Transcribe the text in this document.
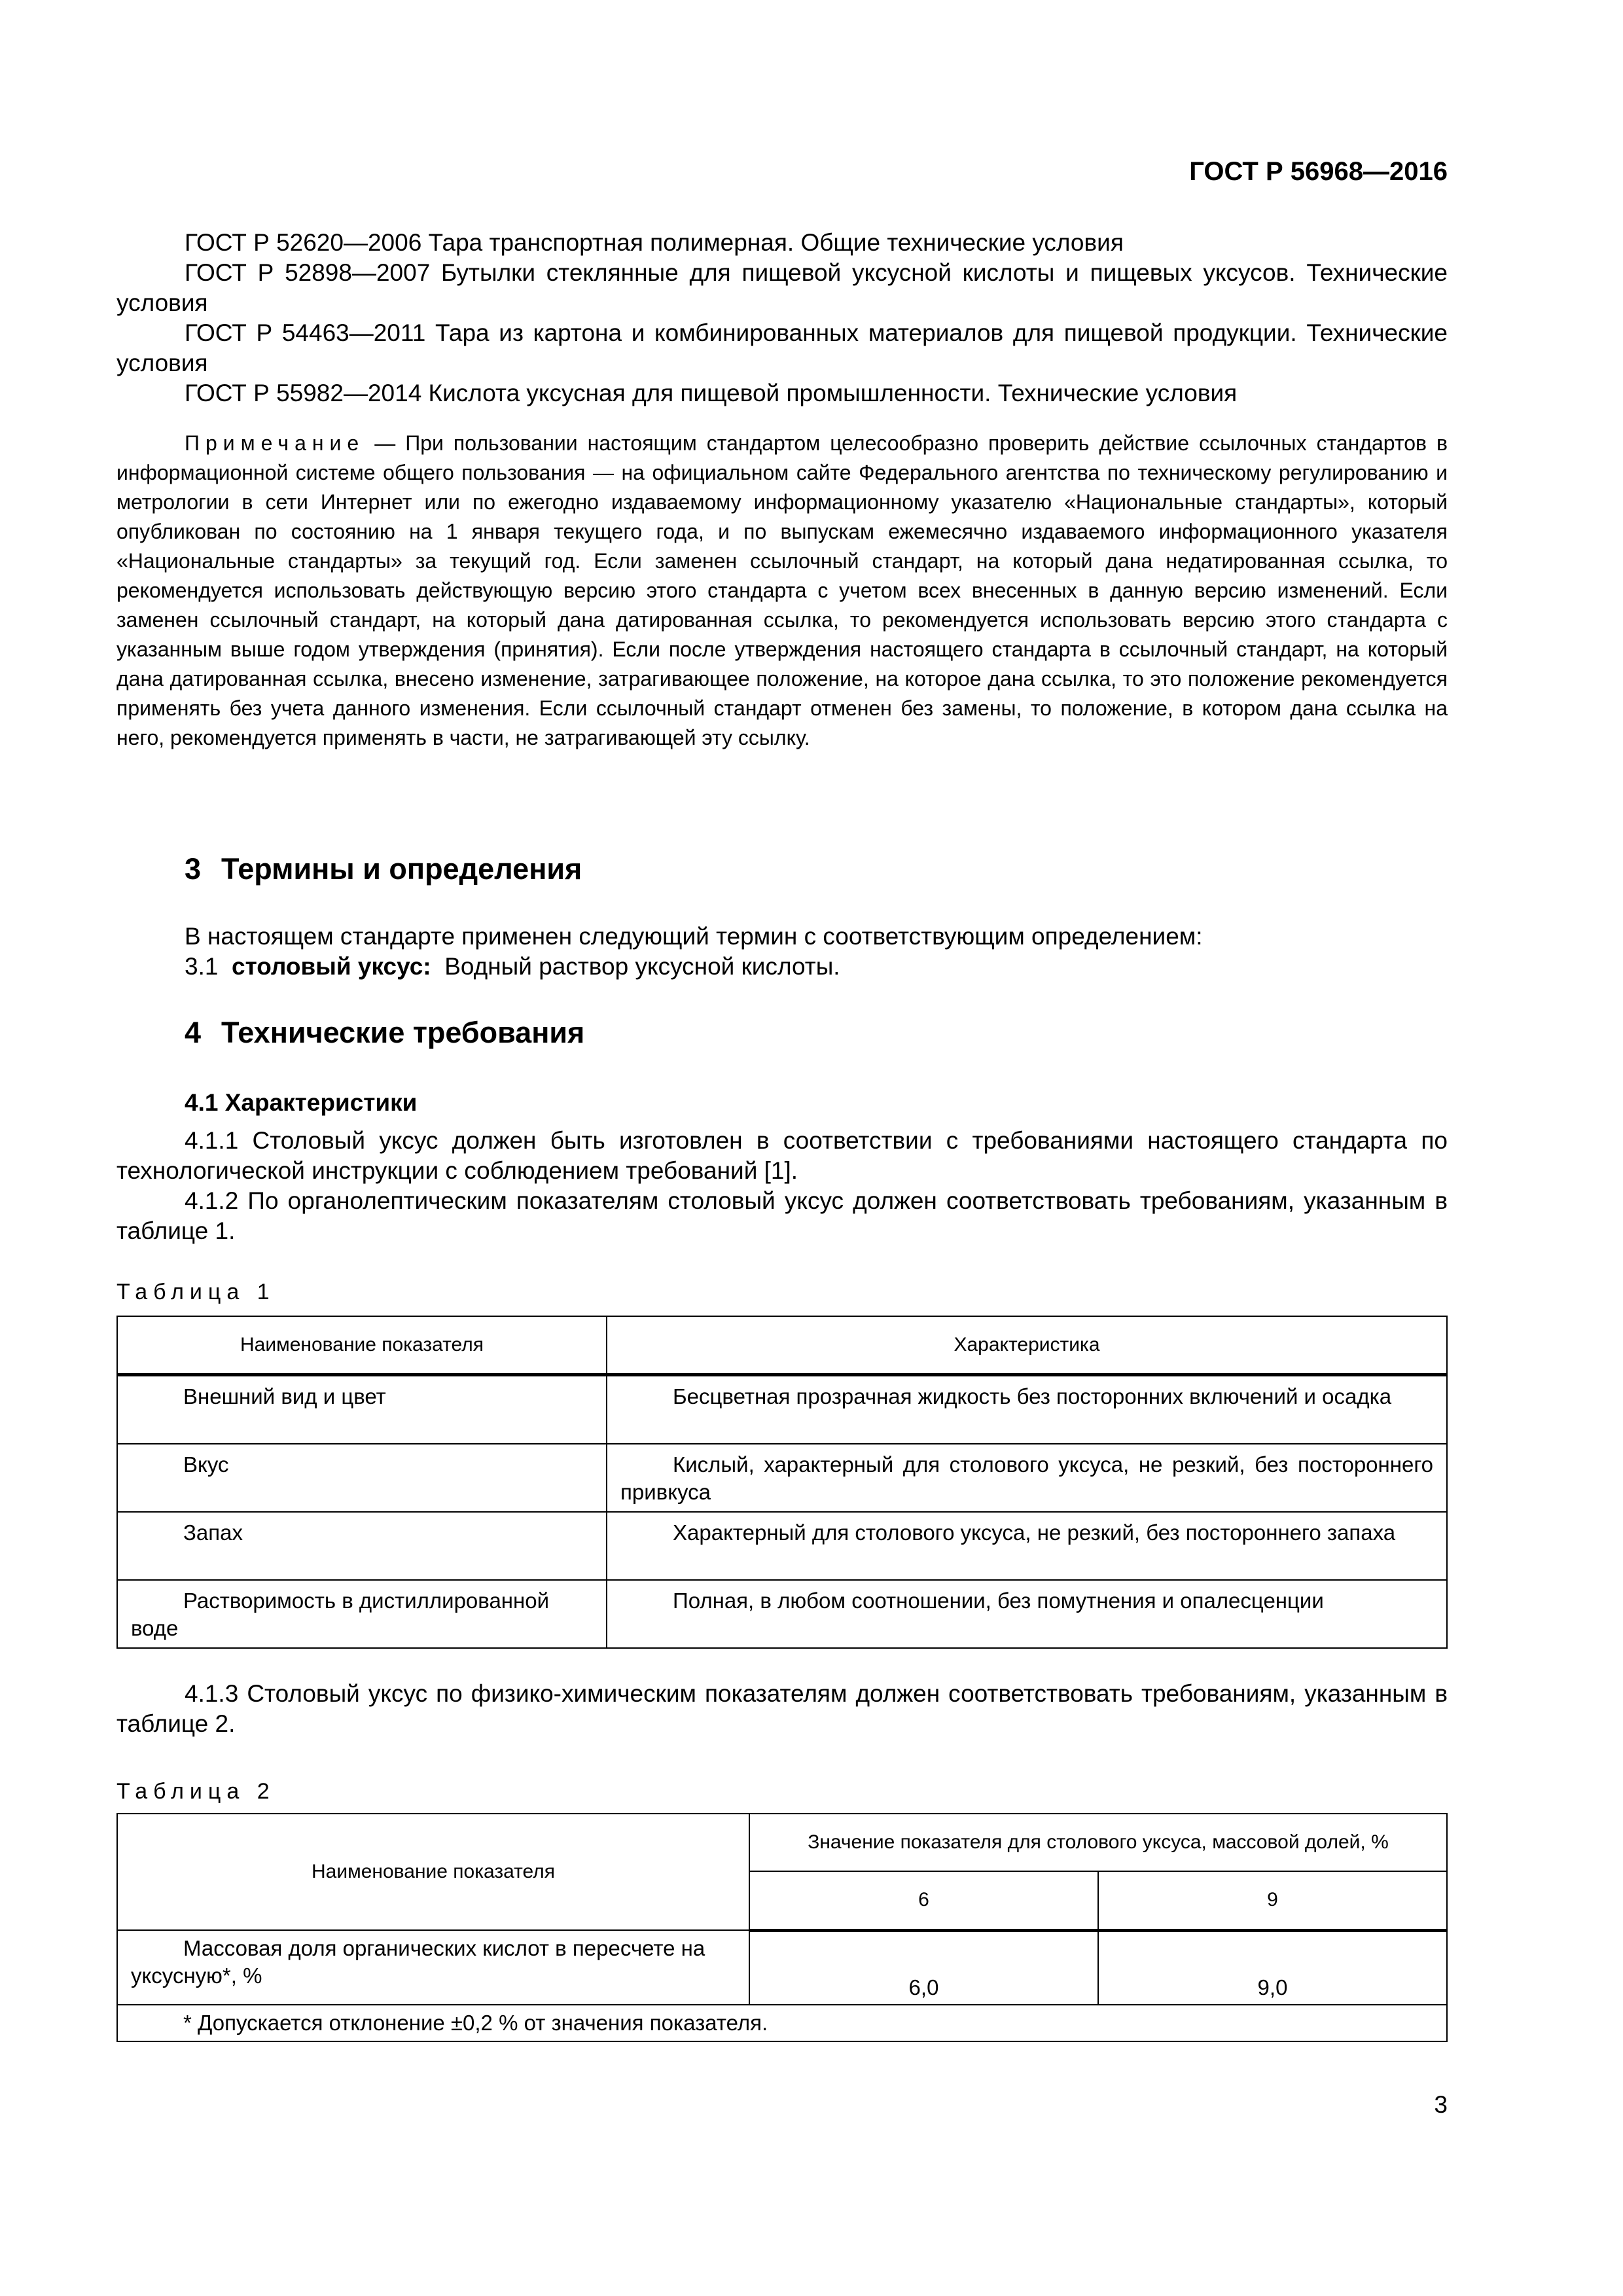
ГОСТ Р 56968—2016

ГОСТ Р 52620—2006 Тара транспортная полимерная. Общие технические условия

ГОСТ Р 52898—2007 Бутылки стеклянные для пищевой уксусной кислоты и пищевых уксусов. Технические условия

ГОСТ Р 54463—2011 Тара из картона и комбинированных материалов для пищевой продукции. Технические условия

ГОСТ Р 55982—2014 Кислота уксусная для пищевой промышленности. Технические условия

Примечание — При пользовании настоящим стандартом целесообразно проверить действие ссылочных стандартов в информационной системе общего пользования — на официальном сайте Федерального агентства по техническому регулированию и метрологии в сети Интернет или по ежегодно издаваемому информационному указателю «Национальные стандарты», который опубликован по состоянию на 1 января текущего года, и по выпускам ежемесячно издаваемого информационного указателя «Национальные стандарты» за текущий год. Если заменен ссылочный стандарт, на который дана недатированная ссылка, то рекомендуется использовать действующую версию этого стандарта с учетом всех внесенных в данную версию изменений. Если заменен ссылочный стандарт, на который дана датированная ссылка, то рекомендуется использовать версию этого стандарта с указанным выше годом утверждения (принятия). Если после утверждения настоящего стандарта в ссылочный стандарт, на который дана датированная ссылка, внесено изменение, затрагивающее положение, на которое дана ссылка, то это положение рекомендуется применять без учета данного изменения. Если ссылочный стандарт отменен без замены, то положение, в котором дана ссылка на него, рекомендуется применять в части, не затрагивающей эту ссылку.

3 Термины и определения

В настоящем стандарте применен следующий термин с соответствующим определением:

3.1 столовый уксус: Водный раствор уксусной кислоты.

4 Технические требования
4.1 Характеристики

4.1.1 Столовый уксус должен быть изготовлен в соответствии с требованиями настоящего стандарта по технологической инструкции с соблюдением требований [1].

4.1.2 По органолептическим показателям столовый уксус должен соответствовать требованиям, указанным в таблице 1.

Таблица 1
Наименование показателя	Характеристика
Внешний вид и цвет	Бесцветная прозрачная жидкость без посторонних включений и осадка
Вкус	Кислый, характерный для столового уксуса, не резкий, без постороннего привкуса
Запах	Характерный для столового уксуса, не резкий, без постороннего запаха
Растворимость в дистиллированной воде	Полная, в любом соотношении, без помутнения и опалесценции

4.1.3 Столовый уксус по физико-химическим показателям должен соответствовать требованиям, указанным в таблице 2.

Таблица 2
Наименование показателя	Значение показателя для столового уксуса, массовой долей, %	
	6	9
Массовая доля органических кислот в пересчете на уксусную*, %	6,0	9,0
* Допускается отклонение ±0,2 % от значения показателя.		
3
